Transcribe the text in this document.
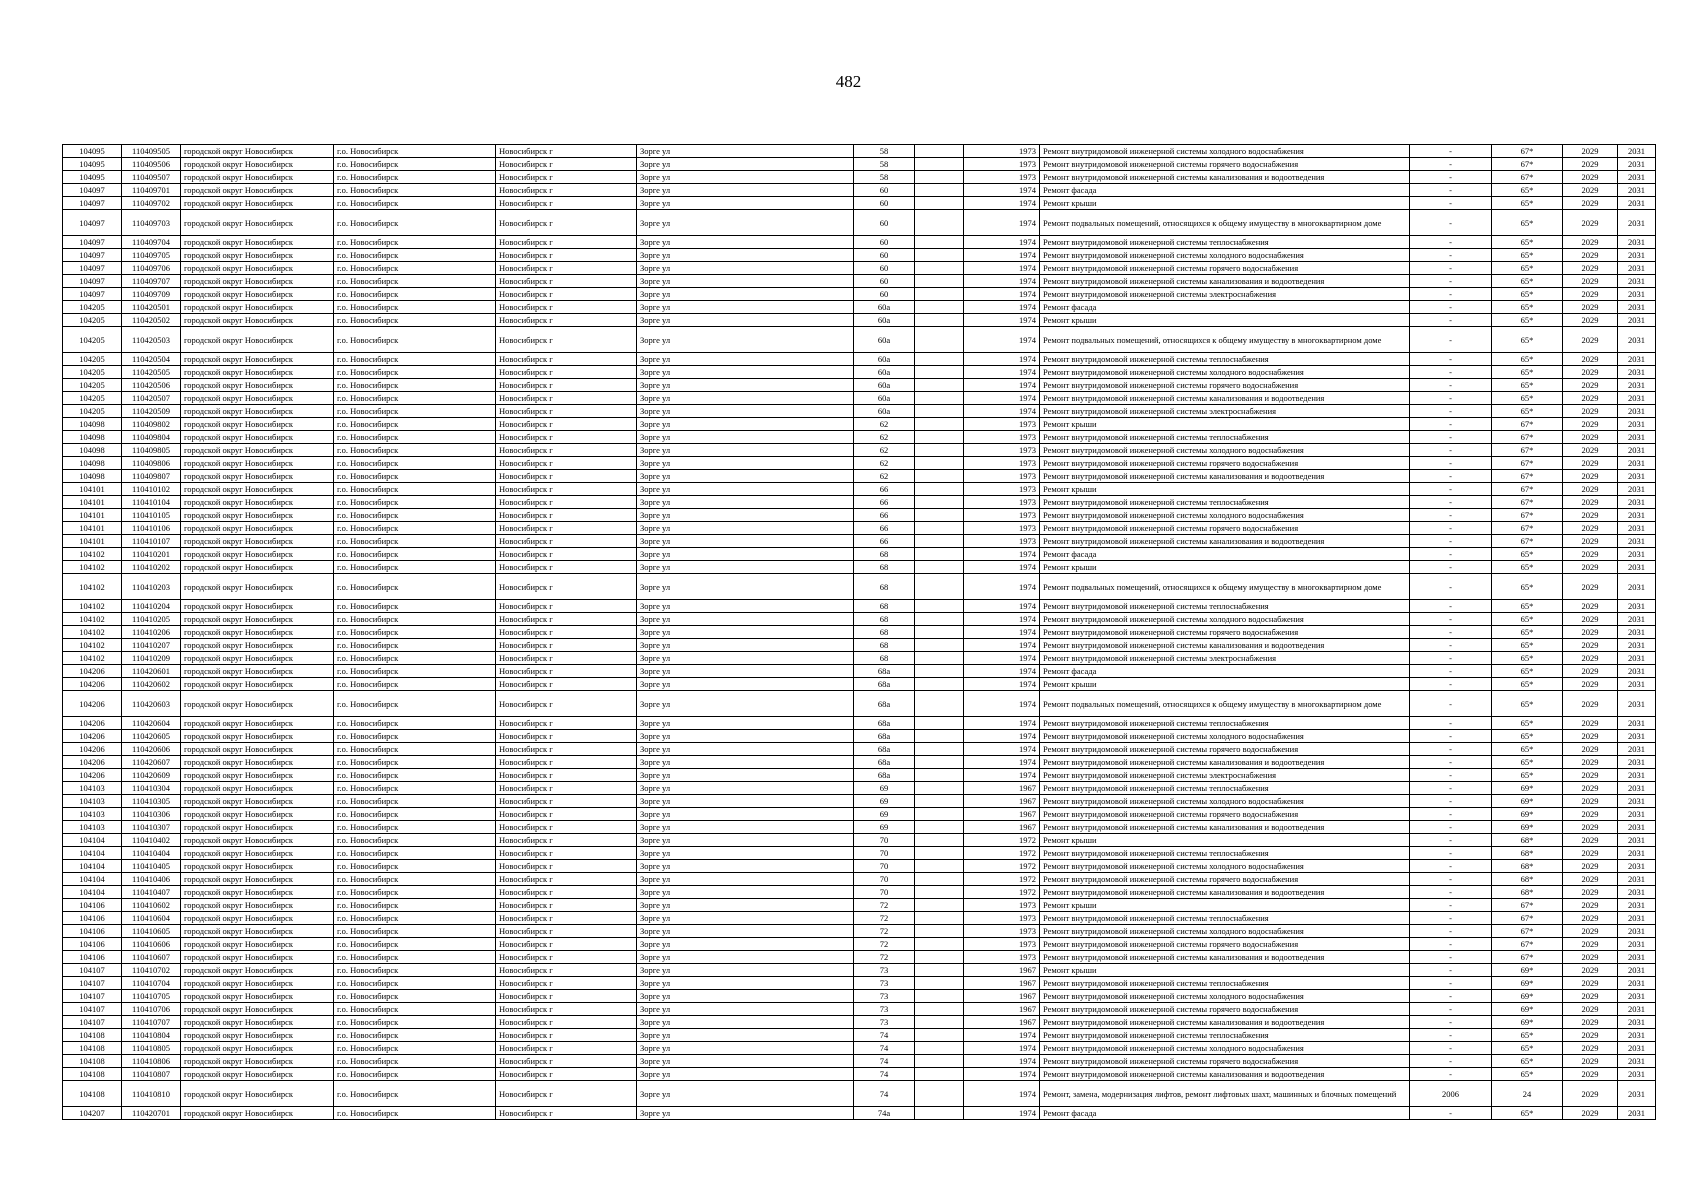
482
104095	110409505	городской округ Новосибирск	г.о. Новосибирск	Новосибирск г	Зорге ул	58		1973	Ремонт внутридомовой инженерной системы холодного водоснабжения	-	67*	2029	2031
104095	110409506	городской округ Новосибирск	г.о. Новосибирск	Новосибирск г	Зорге ул	58		1973	Ремонт внутридомовой инженерной системы горячего водоснабжения	-	67*	2029	2031
104095	110409507	городской округ Новосибирск	г.о. Новосибирск	Новосибирск г	Зорге ул	58		1973	Ремонт внутридомовой инженерной системы канализования и водоотведения	-	67*	2029	2031
104097	110409701	городской округ Новосибирск	г.о. Новосибирск	Новосибирск г	Зорге ул	60		1974	Ремонт фасада	-	65*	2029	2031
104097	110409702	городской округ Новосибирск	г.о. Новосибирск	Новосибирск г	Зорге ул	60		1974	Ремонт крыши	-	65*	2029	2031
104097	110409703	городской округ Новосибирск	г.о. Новосибирск	Новосибирск г	Зорге ул	60		1974	Ремонт подвальных помещений, относящихся к общему имуществу в многоквартирном доме	-	65*	2029	2031
104097	110409704	городской округ Новосибирск	г.о. Новосибирск	Новосибирск г	Зорге ул	60		1974	Ремонт внутридомовой инженерной системы теплоснабжения	-	65*	2029	2031
104097	110409705	городской округ Новосибирск	г.о. Новосибирск	Новосибирск г	Зорге ул	60		1974	Ремонт внутридомовой инженерной системы холодного водоснабжения	-	65*	2029	2031
104097	110409706	городской округ Новосибирск	г.о. Новосибирск	Новосибирск г	Зорге ул	60		1974	Ремонт внутридомовой инженерной системы горячего водоснабжения	-	65*	2029	2031
104097	110409707	городской округ Новосибирск	г.о. Новосибирск	Новосибирск г	Зорге ул	60		1974	Ремонт внутридомовой инженерной системы канализования и водоотведения	-	65*	2029	2031
104097	110409709	городской округ Новосибирск	г.о. Новосибирск	Новосибирск г	Зорге ул	60		1974	Ремонт внутридомовой инженерной системы электроснабжения	-	65*	2029	2031
104205	110420501	городской округ Новосибирск	г.о. Новосибирск	Новосибирск г	Зорге ул	60а		1974	Ремонт фасада	-	65*	2029	2031
104205	110420502	городской округ Новосибирск	г.о. Новосибирск	Новосибирск г	Зорге ул	60а		1974	Ремонт крыши	-	65*	2029	2031
104205	110420503	городской округ Новосибирск	г.о. Новосибирск	Новосибирск г	Зорге ул	60а		1974	Ремонт подвальных помещений, относящихся к общему имуществу в многоквартирном доме	-	65*	2029	2031
104205	110420504	городской округ Новосибирск	г.о. Новосибирск	Новосибирск г	Зорге ул	60а		1974	Ремонт внутридомовой инженерной системы теплоснабжения	-	65*	2029	2031
104205	110420505	городской округ Новосибирск	г.о. Новосибирск	Новосибирск г	Зорге ул	60а		1974	Ремонт внутридомовой инженерной системы холодного водоснабжения	-	65*	2029	2031
104205	110420506	городской округ Новосибирск	г.о. Новосибирск	Новосибирск г	Зорге ул	60а		1974	Ремонт внутридомовой инженерной системы горячего водоснабжения	-	65*	2029	2031
104205	110420507	городской округ Новосибирск	г.о. Новосибирск	Новосибирск г	Зорге ул	60а		1974	Ремонт внутридомовой инженерной системы канализования и водоотведения	-	65*	2029	2031
104205	110420509	городской округ Новосибирск	г.о. Новосибирск	Новосибирск г	Зорге ул	60а		1974	Ремонт внутридомовой инженерной системы электроснабжения	-	65*	2029	2031
104098	110409802	городской округ Новосибирск	г.о. Новосибирск	Новосибирск г	Зорге ул	62		1973	Ремонт крыши	-	67*	2029	2031
104098	110409804	городской округ Новосибирск	г.о. Новосибирск	Новосибирск г	Зорге ул	62		1973	Ремонт внутридомовой инженерной системы теплоснабжения	-	67*	2029	2031
104098	110409805	городской округ Новосибирск	г.о. Новосибирск	Новосибирск г	Зорге ул	62		1973	Ремонт внутридомовой инженерной системы холодного водоснабжения	-	67*	2029	2031
104098	110409806	городской округ Новосибирск	г.о. Новосибирск	Новосибирск г	Зорге ул	62		1973	Ремонт внутридомовой инженерной системы горячего водоснабжения	-	67*	2029	2031
104098	110409807	городской округ Новосибирск	г.о. Новосибирск	Новосибирск г	Зорге ул	62		1973	Ремонт внутридомовой инженерной системы канализования и водоотведения	-	67*	2029	2031
104101	110410102	городской округ Новосибирск	г.о. Новосибирск	Новосибирск г	Зорге ул	66		1973	Ремонт крыши	-	67*	2029	2031
104101	110410104	городской округ Новосибирск	г.о. Новосибирск	Новосибирск г	Зорге ул	66		1973	Ремонт внутридомовой инженерной системы теплоснабжения	-	67*	2029	2031
104101	110410105	городской округ Новосибирск	г.о. Новосибирск	Новосибирск г	Зорге ул	66		1973	Ремонт внутридомовой инженерной системы холодного водоснабжения	-	67*	2029	2031
104101	110410106	городской округ Новосибирск	г.о. Новосибирск	Новосибирск г	Зорге ул	66		1973	Ремонт внутридомовой инженерной системы горячего водоснабжения	-	67*	2029	2031
104101	110410107	городской округ Новосибирск	г.о. Новосибирск	Новосибирск г	Зорге ул	66		1973	Ремонт внутридомовой инженерной системы канализования и водоотведения	-	67*	2029	2031
104102	110410201	городской округ Новосибирск	г.о. Новосибирск	Новосибирск г	Зорге ул	68		1974	Ремонт фасада	-	65*	2029	2031
104102	110410202	городской округ Новосибирск	г.о. Новосибирск	Новосибирск г	Зорге ул	68		1974	Ремонт крыши	-	65*	2029	2031
104102	110410203	городской округ Новосибирск	г.о. Новосибирск	Новосибирск г	Зорге ул	68		1974	Ремонт подвальных помещений, относящихся к общему имуществу в многоквартирном доме	-	65*	2029	2031
104102	110410204	городской округ Новосибирск	г.о. Новосибирск	Новосибирск г	Зорге ул	68		1974	Ремонт внутридомовой инженерной системы теплоснабжения	-	65*	2029	2031
104102	110410205	городской округ Новосибирск	г.о. Новосибирск	Новосибирск г	Зорге ул	68		1974	Ремонт внутридомовой инженерной системы холодного водоснабжения	-	65*	2029	2031
104102	110410206	городской округ Новосибирск	г.о. Новосибирск	Новосибирск г	Зорге ул	68		1974	Ремонт внутридомовой инженерной системы горячего водоснабжения	-	65*	2029	2031
104102	110410207	городской округ Новосибирск	г.о. Новосибирск	Новосибирск г	Зорге ул	68		1974	Ремонт внутридомовой инженерной системы канализования и водоотведения	-	65*	2029	2031
104102	110410209	городской округ Новосибирск	г.о. Новосибирск	Новосибирск г	Зорге ул	68		1974	Ремонт внутридомовой инженерной системы электроснабжения	-	65*	2029	2031
104206	110420601	городской округ Новосибирск	г.о. Новосибирск	Новосибирск г	Зорге ул	68а		1974	Ремонт фасада	-	65*	2029	2031
104206	110420602	городской округ Новосибирск	г.о. Новосибирск	Новосибирск г	Зорге ул	68а		1974	Ремонт крыши	-	65*	2029	2031
104206	110420603	городской округ Новосибирск	г.о. Новосибирск	Новосибирск г	Зорге ул	68а		1974	Ремонт подвальных помещений, относящихся к общему имуществу в многоквартирном доме	-	65*	2029	2031
104206	110420604	городской округ Новосибирск	г.о. Новосибирск	Новосибирск г	Зорге ул	68а		1974	Ремонт внутридомовой инженерной системы теплоснабжения	-	65*	2029	2031
104206	110420605	городской округ Новосибирск	г.о. Новосибирск	Новосибирск г	Зорге ул	68а		1974	Ремонт внутридомовой инженерной системы холодного водоснабжения	-	65*	2029	2031
104206	110420606	городской округ Новосибирск	г.о. Новосибирск	Новосибирск г	Зорге ул	68а		1974	Ремонт внутридомовой инженерной системы горячего водоснабжения	-	65*	2029	2031
104206	110420607	городской округ Новосибирск	г.о. Новосибирск	Новосибирск г	Зорге ул	68а		1974	Ремонт внутридомовой инженерной системы канализования и водоотведения	-	65*	2029	2031
104206	110420609	городской округ Новосибирск	г.о. Новосибирск	Новосибирск г	Зорге ул	68а		1974	Ремонт внутридомовой инженерной системы электроснабжения	-	65*	2029	2031
104103	110410304	городской округ Новосибирск	г.о. Новосибирск	Новосибирск г	Зорге ул	69		1967	Ремонт внутридомовой инженерной системы теплоснабжения	-	69*	2029	2031
104103	110410305	городской округ Новосибирск	г.о. Новосибирск	Новосибирск г	Зорге ул	69		1967	Ремонт внутридомовой инженерной системы холодного водоснабжения	-	69*	2029	2031
104103	110410306	городской округ Новосибирск	г.о. Новосибирск	Новосибирск г	Зорге ул	69		1967	Ремонт внутридомовой инженерной системы горячего водоснабжения	-	69*	2029	2031
104103	110410307	городской округ Новосибирск	г.о. Новосибирск	Новосибирск г	Зорге ул	69		1967	Ремонт внутридомовой инженерной системы канализования и водоотведения	-	69*	2029	2031
104104	110410402	городской округ Новосибирск	г.о. Новосибирск	Новосибирск г	Зорге ул	70		1972	Ремонт крыши	-	68*	2029	2031
104104	110410404	городской округ Новосибирск	г.о. Новосибирск	Новосибирск г	Зорге ул	70		1972	Ремонт внутридомовой инженерной системы теплоснабжения	-	68*	2029	2031
104104	110410405	городской округ Новосибирск	г.о. Новосибирск	Новосибирск г	Зорге ул	70		1972	Ремонт внутридомовой инженерной системы холодного водоснабжения	-	68*	2029	2031
104104	110410406	городской округ Новосибирск	г.о. Новосибирск	Новосибирск г	Зорге ул	70		1972	Ремонт внутридомовой инженерной системы горячего водоснабжения	-	68*	2029	2031
104104	110410407	городской округ Новосибирск	г.о. Новосибирск	Новосибирск г	Зорге ул	70		1972	Ремонт внутридомовой инженерной системы канализования и водоотведения	-	68*	2029	2031
104106	110410602	городской округ Новосибирск	г.о. Новосибирск	Новосибирск г	Зорге ул	72		1973	Ремонт крыши	-	67*	2029	2031
104106	110410604	городской округ Новосибирск	г.о. Новосибирск	Новосибирск г	Зорге ул	72		1973	Ремонт внутридомовой инженерной системы теплоснабжения	-	67*	2029	2031
104106	110410605	городской округ Новосибирск	г.о. Новосибирск	Новосибирск г	Зорге ул	72		1973	Ремонт внутридомовой инженерной системы холодного водоснабжения	-	67*	2029	2031
104106	110410606	городской округ Новосибирск	г.о. Новосибирск	Новосибирск г	Зорге ул	72		1973	Ремонт внутридомовой инженерной системы горячего водоснабжения	-	67*	2029	2031
104106	110410607	городской округ Новосибирск	г.о. Новосибирск	Новосибирск г	Зорге ул	72		1973	Ремонт внутридомовой инженерной системы канализования и водоотведения	-	67*	2029	2031
104107	110410702	городской округ Новосибирск	г.о. Новосибирск	Новосибирск г	Зорге ул	73		1967	Ремонт крыши	-	69*	2029	2031
104107	110410704	городской округ Новосибирск	г.о. Новосибирск	Новосибирск г	Зорге ул	73		1967	Ремонт внутридомовой инженерной системы теплоснабжения	-	69*	2029	2031
104107	110410705	городской округ Новосибирск	г.о. Новосибирск	Новосибирск г	Зорге ул	73		1967	Ремонт внутридомовой инженерной системы холодного водоснабжения	-	69*	2029	2031
104107	110410706	городской округ Новосибирск	г.о. Новосибирск	Новосибирск г	Зорге ул	73		1967	Ремонт внутридомовой инженерной системы горячего водоснабжения	-	69*	2029	2031
104107	110410707	городской округ Новосибирск	г.о. Новосибирск	Новосибирск г	Зорге ул	73		1967	Ремонт внутридомовой инженерной системы канализования и водоотведения	-	69*	2029	2031
104108	110410804	городской округ Новосибирск	г.о. Новосибирск	Новосибирск г	Зорге ул	74		1974	Ремонт внутридомовой инженерной системы теплоснабжения	-	65*	2029	2031
104108	110410805	городской округ Новосибирск	г.о. Новосибирск	Новосибирск г	Зорге ул	74		1974	Ремонт внутридомовой инженерной системы холодного водоснабжения	-	65*	2029	2031
104108	110410806	городской округ Новосибирск	г.о. Новосибирск	Новосибирск г	Зорге ул	74		1974	Ремонт внутридомовой инженерной системы горячего водоснабжения	-	65*	2029	2031
104108	110410807	городской округ Новосибирск	г.о. Новосибирск	Новосибирск г	Зорге ул	74		1974	Ремонт внутридомовой инженерной системы канализования и водоотведения	-	65*	2029	2031
104108	110410810	городской округ Новосибирск	г.о. Новосибирск	Новосибирск г	Зорге ул	74		1974	Ремонт, замена, модернизация лифтов, ремонт лифтовых шахт, машинных и блочных помещений	2006	24	2029	2031
104207	110420701	городской округ Новосибирск	г.о. Новосибирск	Новосибирск г	Зорге ул	74а		1974	Ремонт фасада	-	65*	2029	2031
